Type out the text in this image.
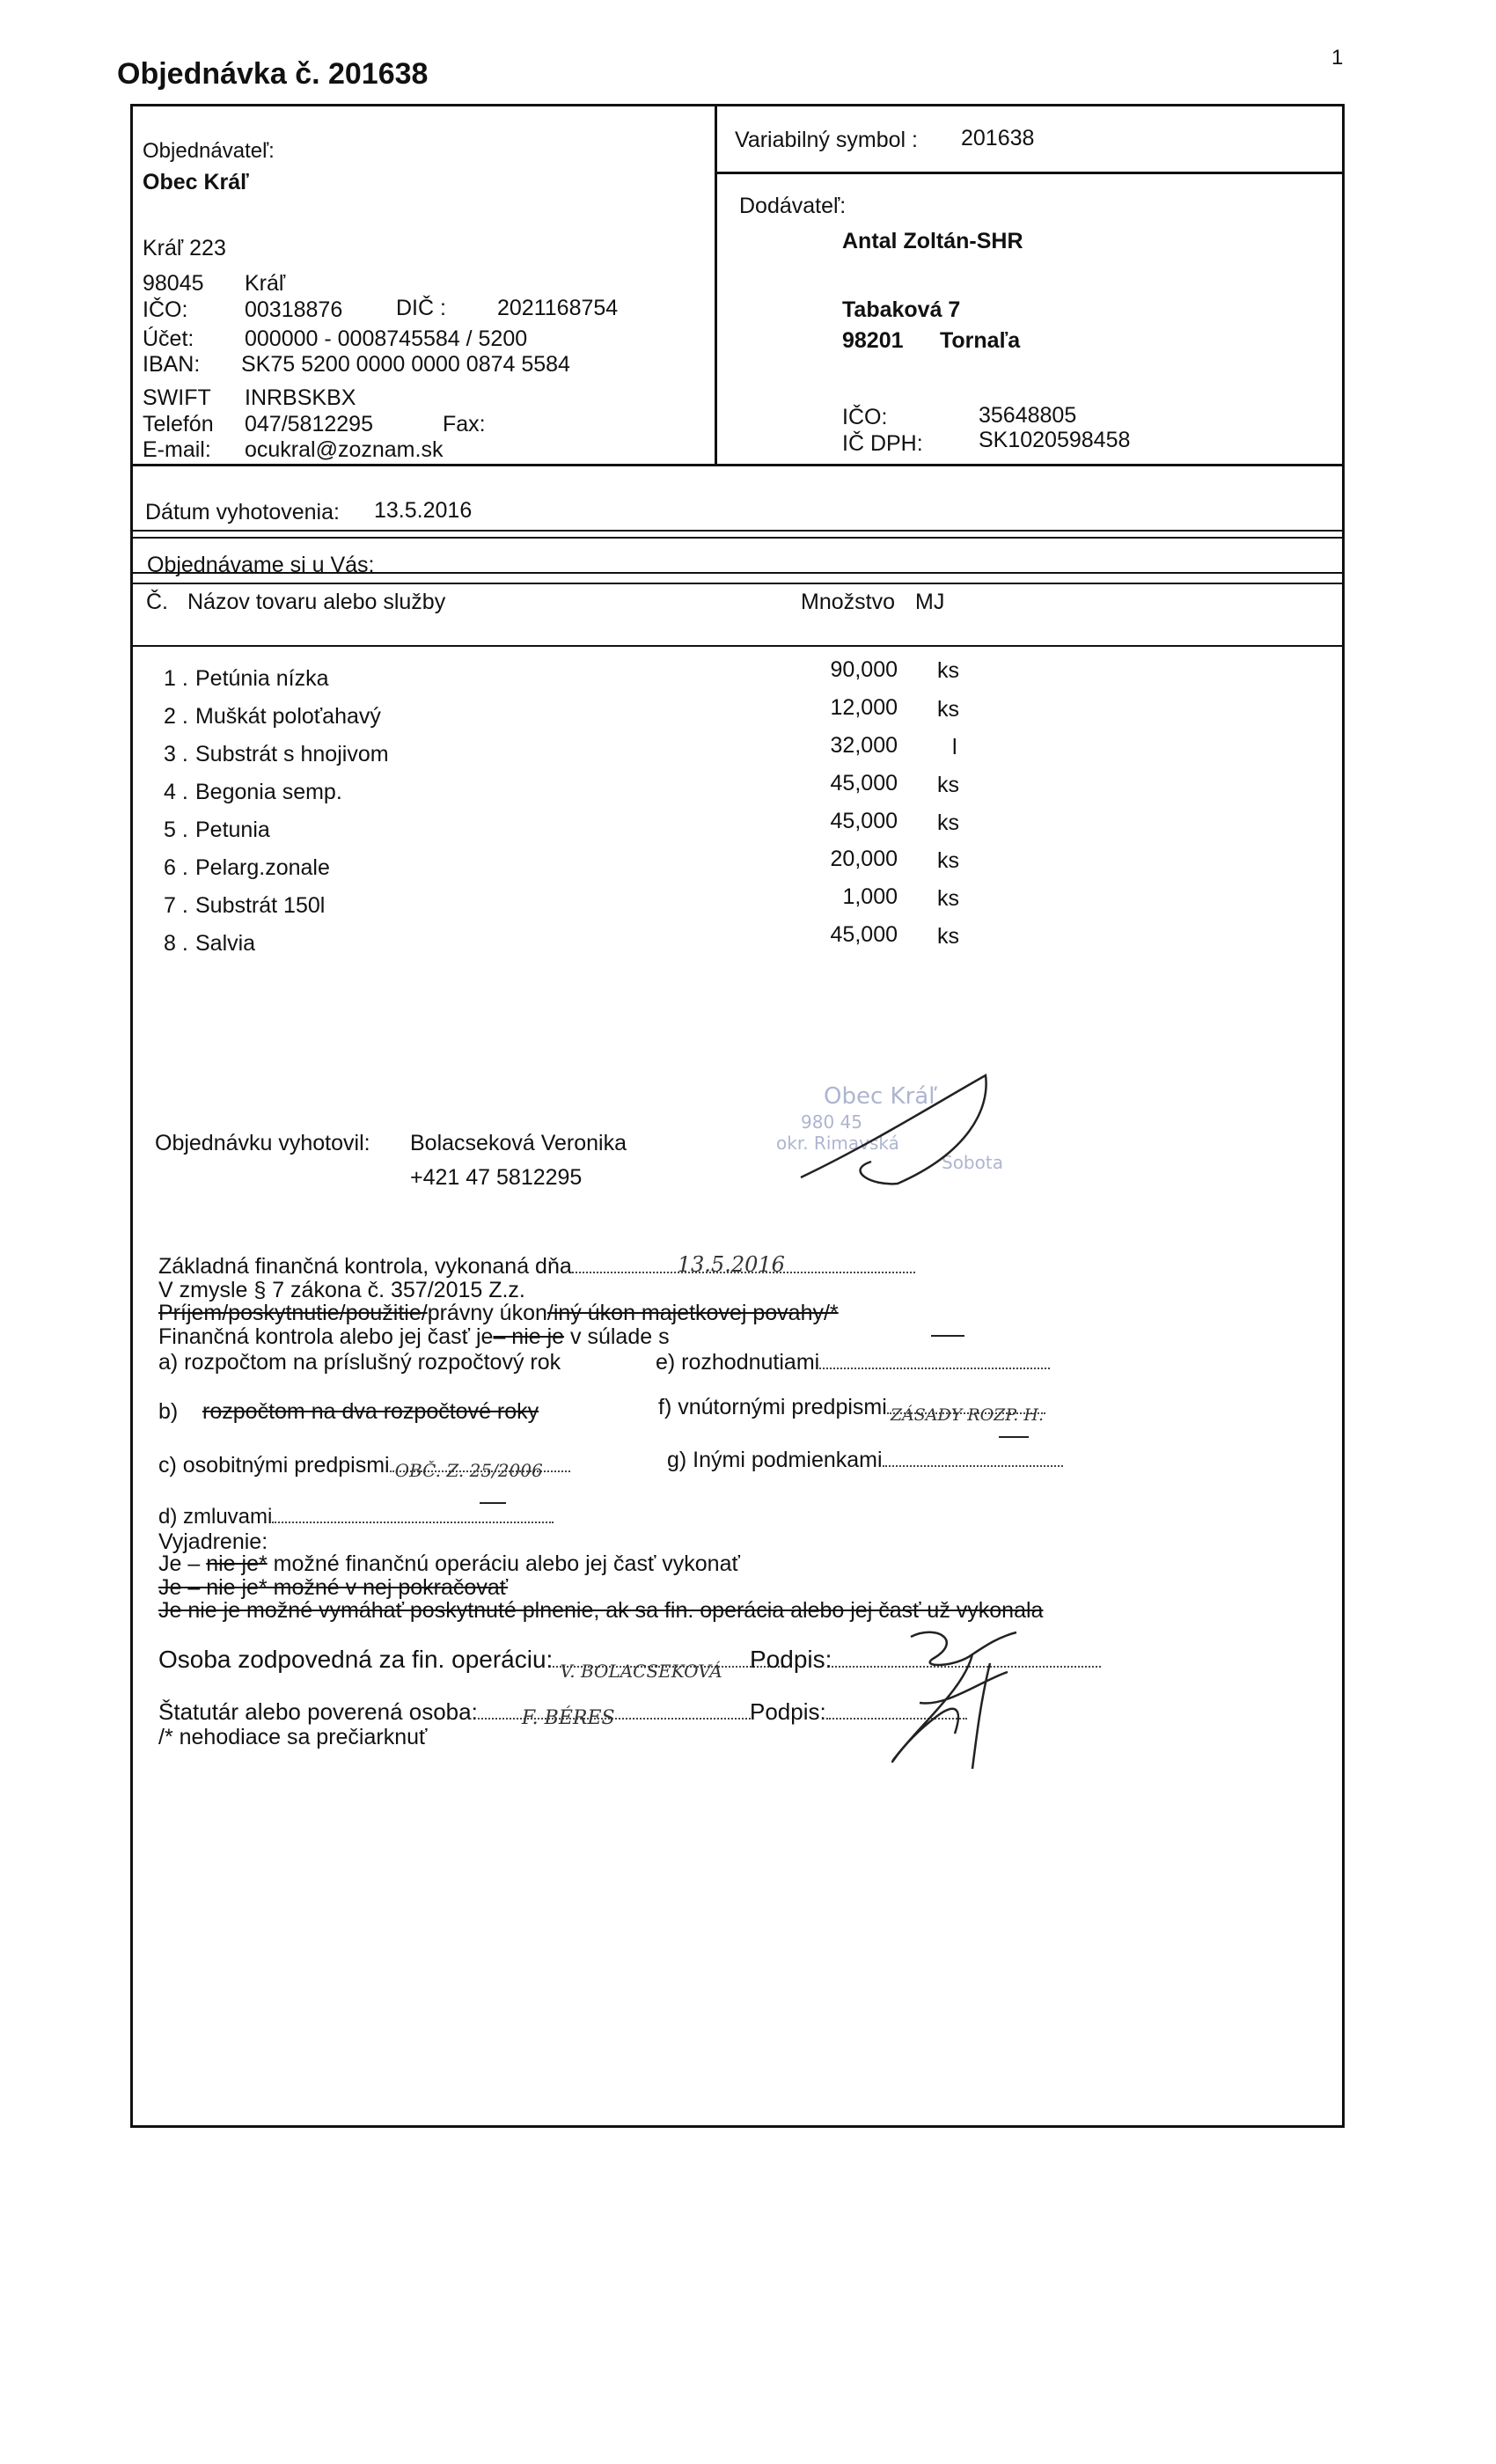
1
Objednávka č. 201638
Objednávateľ:
Obec Kráľ
Kráľ 223
98045 Kráľ
IČO:	00318876 DIČ : 2021168754
Účet: 000000 - 0008745584 / 5200
IBAN: SK75 5200 0000 0000 0874 5584
SWIFT INRBSKBX
Telefón 047/5812295	Fax:
E-mail: ocukral@zoznam.sk
Variabilný symbol : 201638
Dodávateľ:
Antal Zoltán-SHR
Tabaková 7
98201 Tornaľa
IČO:	35648805
IČ DPH:	SK1020598458
Dátum vyhotovenia: 13.5.2016
Objednávame si u Vás:
Č. Názov tovaru alebo služby	Množstvo MJ
1 . Petúnia nízka	90,000 ks
2 . Muškát poloťahavý	12,000 ks
3 . Substrát s hnojivom	32,000 l
4 . Begonia semp.	45,000 ks
5 . Petunia	45,000 ks
6 . Pelarg.zonale	20,000 ks
7 . Substrát 150l	1,000 ks
8 . Salvia	45,000 ks
Objednávku vyhotovil: Bolacseková Veronika
+421 47 5812295
Obec Kráľ
980 45
okr. Rimavská
Sobota
Základná finančná kontrola, vykonaná dňa	13.5.2016
V zmysle § 7 zákona č. 357/2015 Z.z.
Príjem/poskytnutie/použitie/právny úkon/iný úkon majetkovej povahy/*
Finančná kontrola alebo jej časť je– nie je v súlade s
a) rozpočtom na príslušný rozpočtový rok	e) rozhodnutiami
b) rozpočtom na dva rozpočtové roky	f) vnútornými predpismi ZÁSADY ROZP. H.
c) osobitnými predpismi OBČ. Z. 25/2006	g) Inými podmienkami
d) zmluvami
Vyjadrenie:
Je – nie je* možné finančnú operáciu alebo jej časť vykonať
Je – nie je* možné v nej pokračovať
Je nie je možné vymáhať poskytnuté plnenie, ak sa fin. operácia alebo jej časť už vykonala
Osoba zodpovedná za fin. operáciu: V. BOLACSEKOVÁ Podpis:
Štatutár alebo poverená osoba: F. BÉRES	Podpis:
/* nehodiace sa prečiarknuť
